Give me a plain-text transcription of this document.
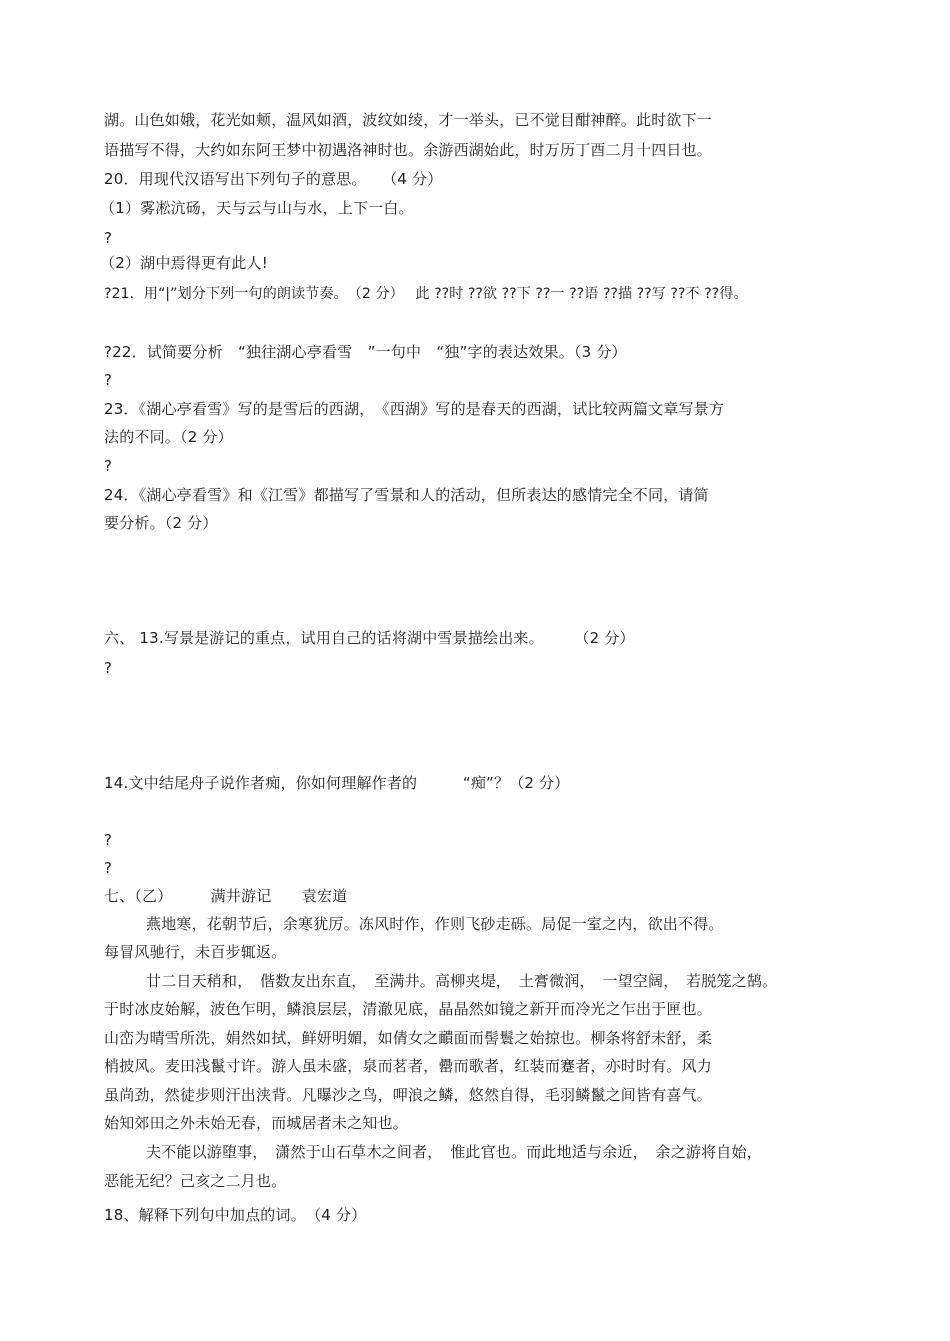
湖。山色如娥，花光如颊，温风如酒，波纹如绫，才一举头，已不觉目酣神醉。此时欲下一
语描写不得，大约如东阿王梦中初遇洛神时也。余游西湖始此，时万历丁酉二月十四日也。
20．用现代汉语写出下列句子的意思。　　（4 分）
（1）雾凇沆砀，天与云与山与水，上下一白。
?
（2）湖中焉得更有此人!
?21．用“|”划分下列一句的朗读节奏。　（2 分）　 此 ??时 ??欲 ??下 ??一 ??语 ??描 ??写 ??不 ??得。
?22．试简要分析　“独往湖心亭看雪　”一句中　“独”字的表达效果。（3 分）
?
23．《湖心亭看雪》写的是雪后的西湖，　《西湖》写的是春天的西湖，试比较两篇文章写景方
法的不同。（2 分）
?
24．《湖心亭看雪》和《江雪》都描写了雪景和人的活动，但所表达的感情完全不同，请简
要分析。（2 分）
六、 13.写景是游记的重点，试用自己的话将湖中雪景描绘出来。　　　（2 分）
?
14.文中结尾舟子说作者痴，你如何理解作者的　　　“痴”？（2 分）
?
?
七、（乙）　　　满井游记　　袁宏道
燕地寒，花朝节后，余寒犹厉。冻风时作，作则飞砂走砾。局促一室之内，欲出不得。
每冒风驰行，未百步辄返。
廿二日天稍和，　偕数友出东直，　至满井。高柳夹堤，　土膏微润，　一望空阔，　若脱笼之鹄。
于时冰皮始解，波色乍明，鳞浪层层，清澈见底，晶晶然如镜之新开而冷光之乍出于匣也。
山峦为晴雪所洗，娟然如拭，鲜妍明媚，如倩女之靧面而髻鬟之始掠也。柳条将舒未舒，柔
梢披风。麦田浅鬣寸许。游人虽未盛，泉而茗者，罍而歌者，红装而蹇者，亦时时有。风力
虽尚劲，然徒步则汗出浃背。凡曝沙之鸟，呷浪之鳞，悠然自得，毛羽鳞鬣之间皆有喜气。
始知郊田之外未始无春，而城居者未之知也。
夫不能以游堕事，　潇然于山石草木之间者，　惟此官也。而此地适与余近，　余之游将自始，
恶能无纪？己亥之二月也。
18、解释下列句中加点的词。　（4 分）
